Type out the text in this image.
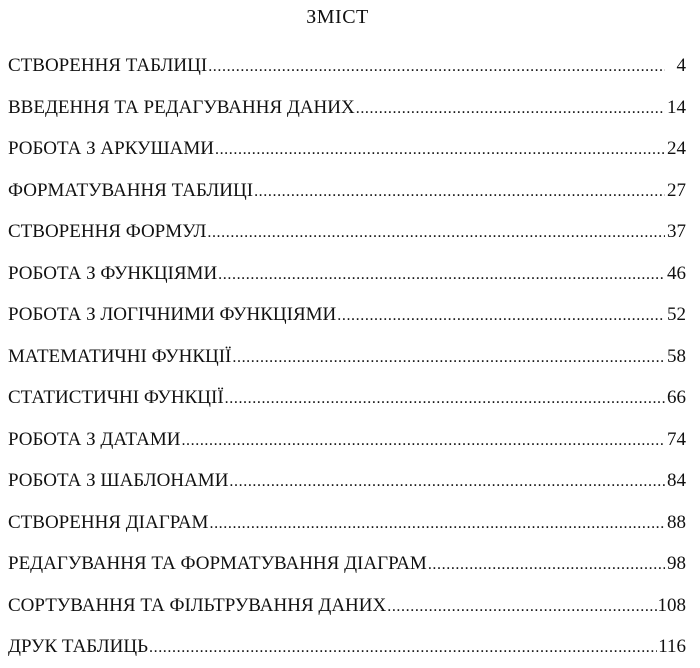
ЗМІСТ
СТВОРЕННЯ ТАБЛИЦІ .....	4
ВВЕДЕННЯ ТА РЕДАГУВАННЯ ДАНИХ .....	14
РОБОТА З АРКУШАМИ .....	24
ФОРМАТУВАННЯ ТАБЛИЦІ .....	27
СТВОРЕННЯ ФОРМУЛ .....	37
РОБОТА З ФУНКЦІЯМИ .....	46
РОБОТА З ЛОГІЧНИМИ ФУНКЦІЯМИ .....	52
МАТЕМАТИЧНІ ФУНКЦІЇ .....	58
СТАТИСТИЧНІ ФУНКЦІЇ .....	66
РОБОТА З ДАТАМИ .....	74
РОБОТА З ШАБЛОНАМИ .....	84
СТВОРЕННЯ ДІАГРАМ .....	88
РЕДАГУВАННЯ ТА ФОРМАТУВАННЯ ДІАГРАМ .....	98
СОРТУВАННЯ ТА ФІЛЬТРУВАННЯ ДАНИХ .....	108
ДРУК ТАБЛИЦЬ .....	116
